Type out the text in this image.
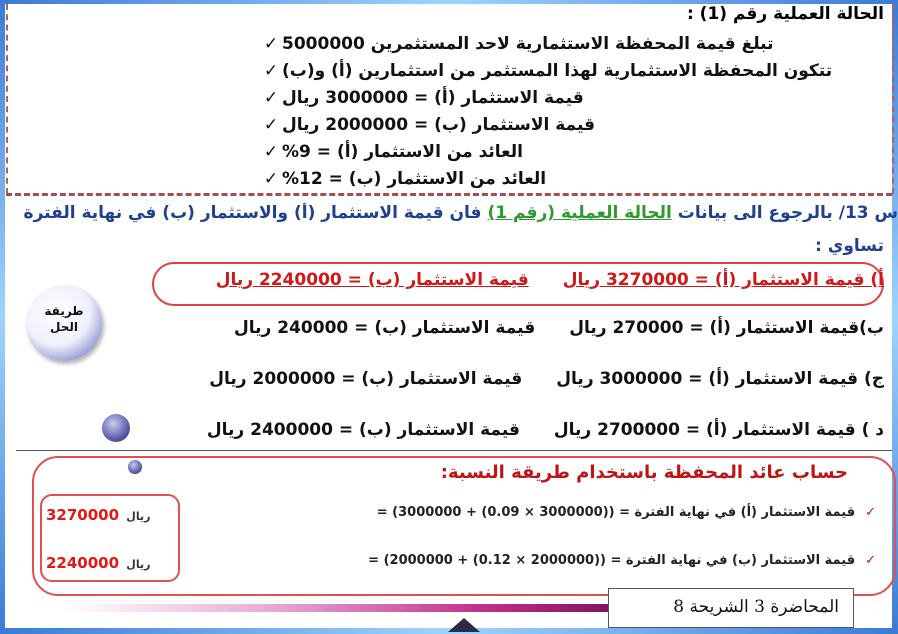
الحالة العملية رقم (1) :
✓ تبلغ قيمة المحفظة الاستثمارية لاحد المستثمرين 5000000
✓ تتكون المحفظة الاستثمارية لهذا المستثمر من استثمارين (أ) و(ب)
✓ قيمة الاستثمار (أ) = 3000000 ريال
✓ قيمة الاستثمار (ب) = 2000000 ريال
✓ العائد من الاستثمار (أ) = 9%
✓ العائد من الاستثمار (ب) = 12%
س 13/ بالرجوع الى بيانات الحالة العملية (رقم 1) فان قيمة الاستثمار (أ) والاستثمار (ب) في نهاية الفترة
تساوي :
أ) قيمة الاستثمار (أ) = 3270000 ريالقيمة الاستثمار (ب) = 2240000 ريال
ب)قيمة الاستثمار (أ) = 270000 ريالقيمة الاستثمار (ب) = 240000 ريال
ج) قيمة الاستثمار (أ) = 3000000 ريالقيمة الاستثمار (ب) = 2000000 ريال
د ) قيمة الاستثمار (أ) = 2700000 ريالقيمة الاستثمار (ب) = 2400000 ريال
طريقة
الحل
حساب عائد المحفظة باستخدام طريقة النسبة:
✓قيمة الاستثمار (أ) في نهاية الفترة = ((3000000 × 0.09) + 3000000) =
✓قيمة الاستثمار (ب) في نهاية الفترة = ((2000000 × 0.12) + 2000000) =
ريال 3270000
ريال 2240000
المحاضرة 3 الشريحة 8
